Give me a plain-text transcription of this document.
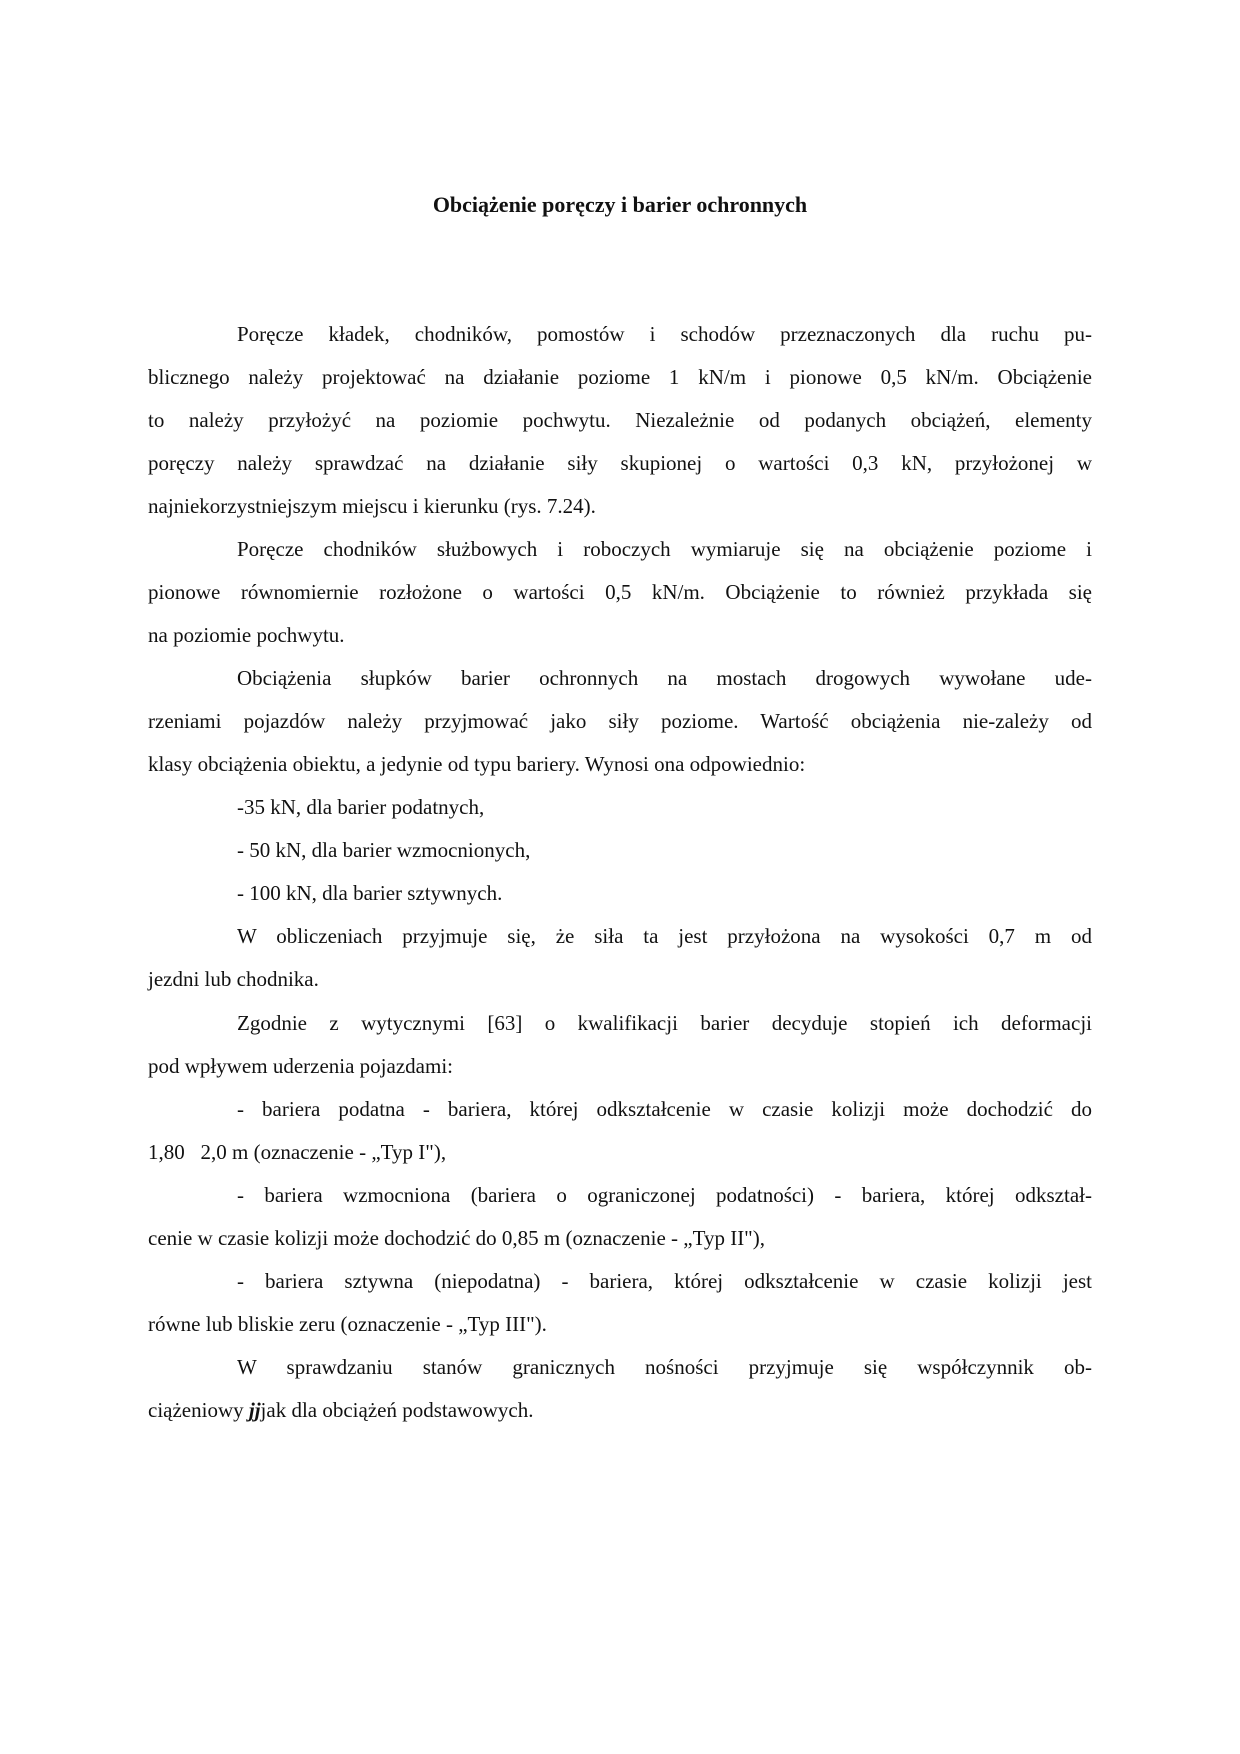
Obciążenie poręczy i barier ochronnych
Poręcze kładek, chodników, pomostów i schodów przeznaczonych dla ruchu pu-
blicznego należy projektować na działanie poziome 1 kN/m i pionowe 0,5 kN/m. Obciążenie
to należy przyłożyć na poziomie pochwytu. Niezależnie od podanych obciążeń, elementy
poręczy należy sprawdzać na działanie siły skupionej o wartości 0,3 kN, przyłożonej w
najniekorzystniejszym miejscu i kierunku (rys. 7.24).
Poręcze chodników służbowych i roboczych wymiaruje się na obciążenie poziome i
pionowe równomiernie rozłożone o wartości 0,5 kN/m. Obciążenie to również przykłada się
na poziomie pochwytu.
Obciążenia słupków barier ochronnych na mostach drogowych wywołane ude-
rzeniami pojazdów należy przyjmować jako siły poziome. Wartość obciążenia nie-zależy od
klasy obciążenia obiektu, a jedynie od typu bariery. Wynosi ona odpowiednio:
-35 kN, dla barier podatnych,
- 50 kN, dla barier wzmocnionych,
- 100 kN, dla barier sztywnych.
W obliczeniach przyjmuje się, że siła ta jest przyłożona na wysokości 0,7 m od
jezdni lub chodnika.
Zgodnie z wytycznymi [63] o kwalifikacji barier decyduje stopień ich deformacji
pod wpływem uderzenia pojazdami:
- bariera podatna - bariera, której odkształcenie w czasie kolizji może dochodzić do
1,80   2,0 m (oznaczenie - „Typ I"),
- bariera wzmocniona (bariera o ograniczonej podatności) - bariera, której odkształ-
cenie w czasie kolizji może dochodzić do 0,85 m (oznaczenie - „Typ II"),
- bariera sztywna (niepodatna) - bariera, której odkształcenie w czasie kolizji jest
równe lub bliskie zeru (oznaczenie - „Typ III").
W sprawdzaniu stanów granicznych nośności przyjmuje się współczynnik ob-
ciążeniowy jjjak dla obciążeń podstawowych.
